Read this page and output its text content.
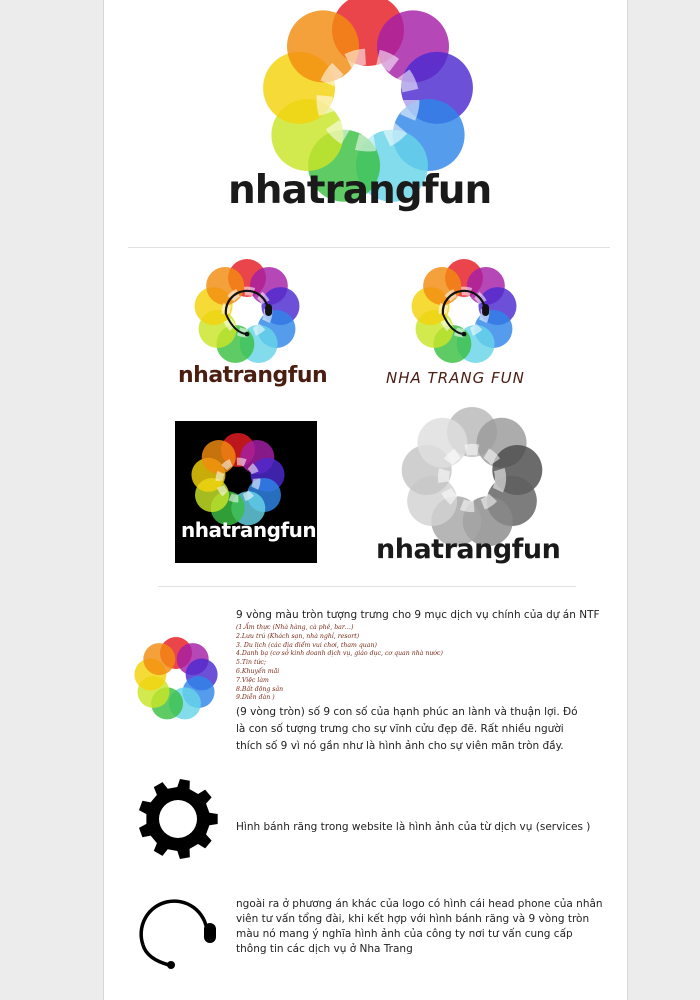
nhatrangfun
nhatrangfun	NHA TRANG FUN
nhatrangfun
nhatrangfun
9 vòng màu tròn tượng trưng cho 9 mục dịch vụ chính của dự án NTF
(1.Ẩm thực (Nhà hàng, cà phê, bar…)
2.Lưu trú (Khách sạn, nhà nghỉ, resort)
3. Du lịch (các địa điểm vui chơi, tham quan)
4.Danh bạ (cơ sở kinh doanh dịch vụ, giáo dục, cơ quan nhà nước)
5.Tin tức;
6.Khuyến mãi
7.Việc làm
8.Bất động sản
9.Diễn đàn )
(9 vòng tròn) số 9 con số của hạnh phúc an lành và thuận lợi. Đó là con số tượng trưng cho sự vĩnh cửu đẹp đẽ. Rất nhiều người thích số 9 vì nó gần như là hình ảnh cho sự viên mãn tròn đầy.
Hình bánh răng trong website là hình ảnh của từ dịch vụ (services )
ngoài ra ở phương án khác của logo có hình cái head phone của nhân viên tư vấn tổng đài, khi kết hợp với hình bánh răng và 9 vòng tròn màu nó mang ý nghĩa hình ảnh của công ty nơi tư vấn cung cấp thông tin các dịch vụ ở Nha Trang
